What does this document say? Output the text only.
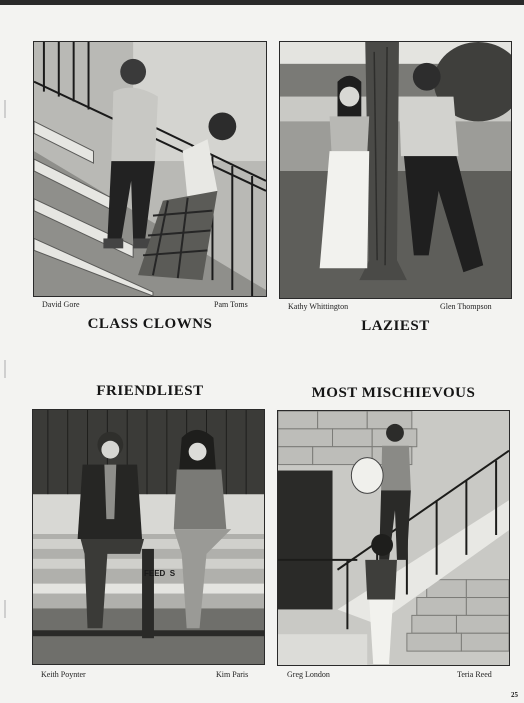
David Gore	Pam Toms
CLASS CLOWNS
Kathy Whittington	Glen Thompson
LAZIEST
FRIENDLIEST	MOST MISCHIEVOUS
Keith Poynter	Kim Paris
FEED  S
Greg London	Teria Reed
25
